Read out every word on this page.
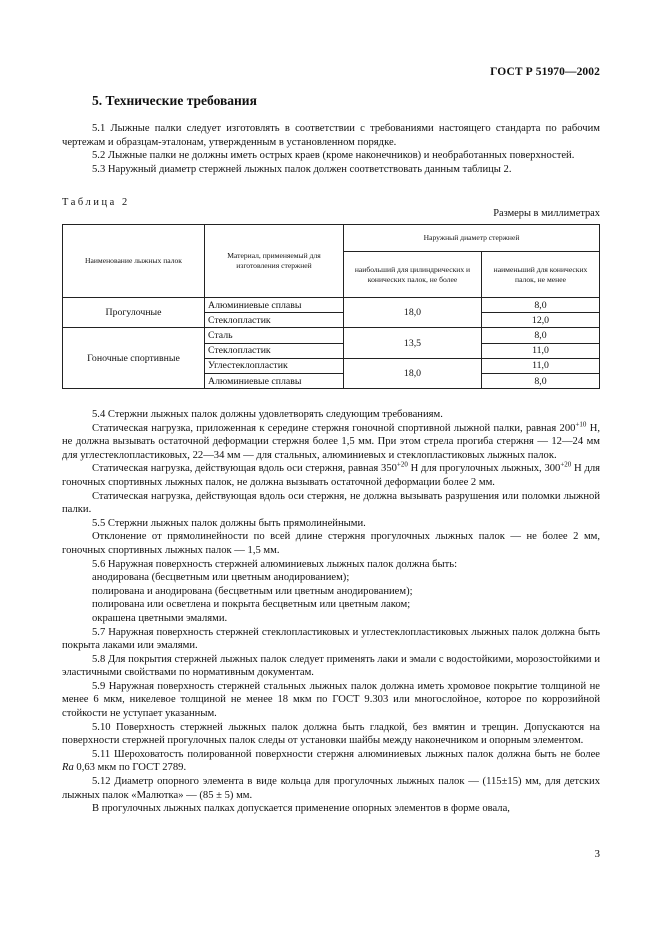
ГОСТ Р 51970—2002
5. Технические требования

5.1 Лыжные палки следует изготовлять в соответствии с требованиями настоящего стандарта по рабочим чертежам и образцам-эталонам, утвержденным в установленном порядке.

5.2 Лыжные палки не должны иметь острых краев (кроме наконечников) и необработанных поверхностей.

5.3 Наружный диаметр стержней лыжных палок должен соответствовать данным таблицы 2.

Таблица 2
Размеры в миллиметрах
Наименование лыжных палок	Материал, применяемый для изготовления стержней	Наружный диаметр стержней	
		наибольший для цилиндрических и конических палок, не более	наименьший для конических палок, не менее
Прогулочные	Алюминиевые сплавы	18,0	8,0
	Стеклопластик		12,0
Гоночные спортивные	Сталь	13,5	8,0
	Стеклопластик		11,0
	Углестеклопластик	18,0	11,0
	Алюминиевые сплавы		8,0

5.4 Стержни лыжных палок должны удовлетворять следующим требованиям.

Статическая нагрузка, приложенная к середине стержня гоночной спортивной лыжной палки, равная $200^{+10}$ Н, не должна вызывать остаточной деформации стержня более 1,5 мм. При этом стрела прогиба стержня — 12—24 мм для углестеклопластиковых, 22—34 мм — для стальных, алюминиевых и стеклопластиковых лыжных палок.

Статическая нагрузка, действующая вдоль оси стержня, равная $350^{+20}$ Н для прогулочных лыжных, $300^{+20}$ Н для гоночных спортивных лыжных палок, не должна вызывать остаточной деформации более 2 мм.

Статическая нагрузка, действующая вдоль оси стержня, не должна вызывать разрушения или поломки лыжной палки.

5.5 Стержни лыжных палок должны быть прямолинейными.

Отклонение от прямолинейности по всей длине стержня прогулочных лыжных палок — не более 2 мм, гоночных спортивных лыжных палок — 1,5 мм.

5.6 Наружная поверхность стержней алюминиевых лыжных палок должна быть:

анодирована (бесцветным или цветным анодированием);

полирована и анодирована (бесцветным или цветным анодированием);

полирована или осветлена и покрыта бесцветным или цветным лаком;

окрашена цветными эмалями.

5.7 Наружная поверхность стержней стеклопластиковых и углестеклопластиковых лыжных палок должна быть покрыта лаками или эмалями.

5.8 Для покрытия стержней лыжных палок следует применять лаки и эмали с водостойкими, морозостойкими и эластичными свойствами по нормативным документам.

5.9 Наружная поверхность стержней стальных лыжных палок должна иметь хромовое покрытие толщиной не менее 6 мкм, никелевое толщиной не менее 18 мкм по ГОСТ 9.303 или многослойное, которое по коррозийной стойкости не уступает указанным.

5.10 Поверхность стержней лыжных палок должна быть гладкой, без вмятин и трещин. Допускаются на поверхности стержней прогулочных палок следы от установки шайбы между наконечником и опорным элементом.

5.11 Шероховатость полированной поверхности стержня алюминиевых лыжных палок должна быть не более Ra 0,63 мкм по ГОСТ 2789.

5.12 Диаметр опорного элемента в виде кольца для прогулочных лыжных палок — (115±15) мм, для детских лыжных палок «Малютка» — (85 ± 5) мм.

В прогулочных лыжных палках допускается применение опорных элементов в форме овала,

3
